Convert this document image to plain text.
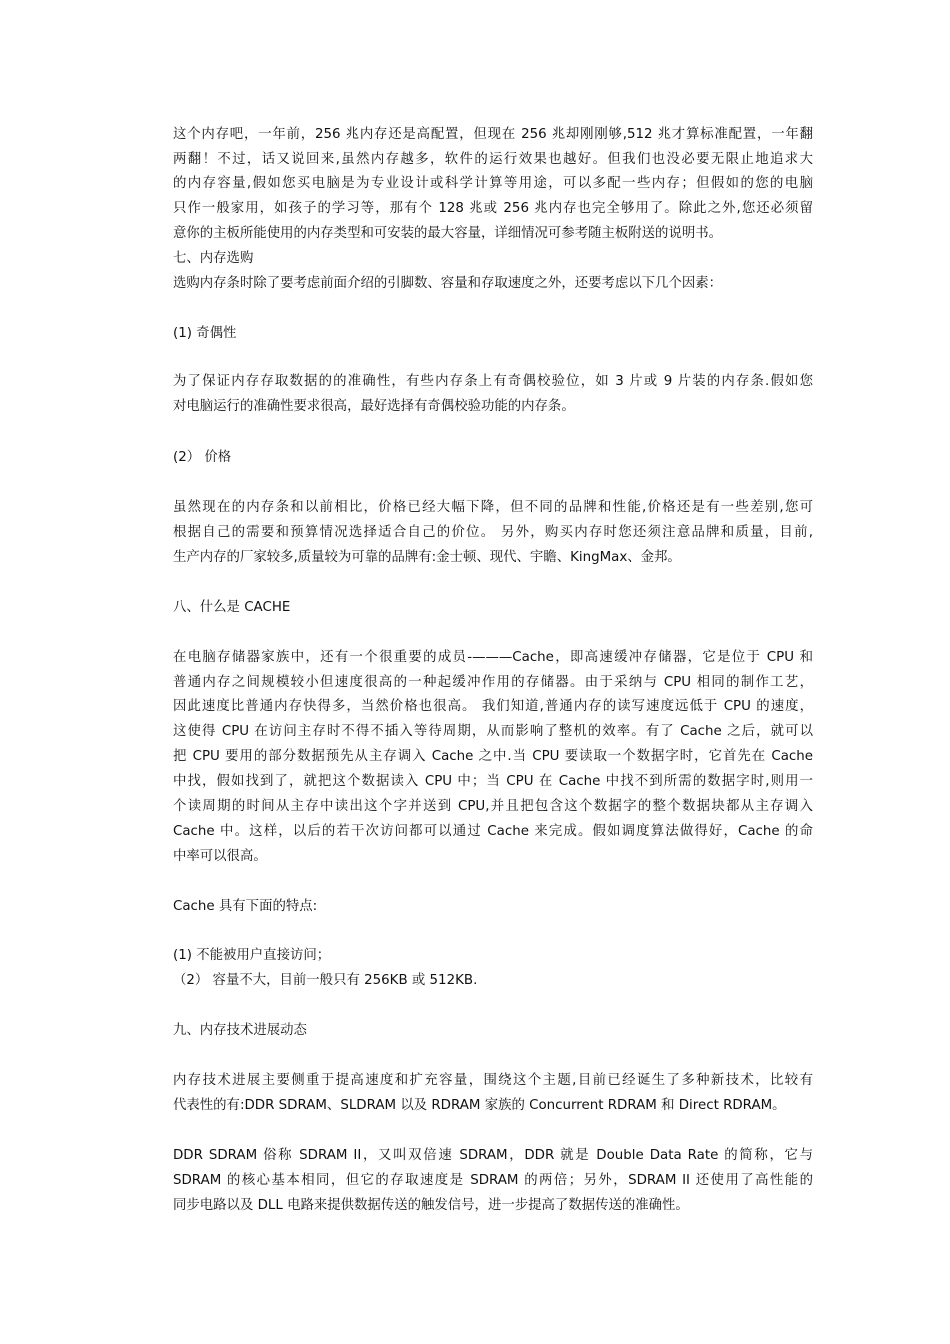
这个内存吧，一年前，256 兆内存还是高配置，但现在 256 兆却刚刚够,512 兆才算标准配置，一年翻
两翻！不过，话又说回来,虽然内存越多，软件的运行效果也越好。但我们也没必要无限止地追求大
的内存容量,假如您买电脑是为专业设计或科学计算等用途，可以多配一些内存；但假如的您的电脑
只作一般家用，如孩子的学习等，那有个 128 兆或 256 兆内存也完全够用了。除此之外,您还必须留
意你的主板所能使用的内存类型和可安装的最大容量，详细情况可参考随主板附送的说明书。
七、内存选购
选购内存条时除了要考虑前面介绍的引脚数、容量和存取速度之外，还要考虑以下几个因素：
(1) 奇偶性
为了保证内存存取数据的的准确性，有些内存条上有奇偶校验位，如 3 片或 9 片装的内存条.假如您
对电脑运行的准确性要求很高，最好选择有奇偶校验功能的内存条。
(2） 价格
虽然现在的内存条和以前相比，价格已经大幅下降，但不同的品牌和性能,价格还是有一些差别,您可
根据自己的需要和预算情况选择适合自己的价位。 另外，购买内存时您还须注意品牌和质量，目前,
生产内存的厂家较多,质量较为可靠的品牌有:金士顿、现代、宇瞻、KingMax、金邦。
八、什么是 CACHE
在电脑存储器家族中，还有一个很重要的成员-———Cache，即高速缓冲存储器，它是位于 CPU 和
普通内存之间规模较小但速度很高的一种起缓冲作用的存储器。由于采纳与 CPU 相同的制作工艺，
因此速度比普通内存快得多，当然价格也很高。 我们知道,普通内存的读写速度远低于 CPU 的速度，
这使得 CPU 在访问主存时不得不插入等待周期，从而影响了整机的效率。有了 Cache 之后，就可以
把 CPU 要用的部分数据预先从主存调入 Cache 之中.当 CPU 要读取一个数据字时，它首先在 Cache
中找，假如找到了，就把这个数据读入 CPU 中；当 CPU 在 Cache 中找不到所需的数据字时,则用一
个读周期的时间从主存中读出这个字并送到 CPU,并且把包含这个数据字的整个数据块都从主存调入
Cache 中。这样，以后的若干次访问都可以通过 Cache 来完成。假如调度算法做得好，Cache 的命
中率可以很高。
Cache 具有下面的特点:
(1) 不能被用户直接访问；
（2） 容量不大，目前一般只有 256KB 或 512KB.
九、内存技术进展动态
内存技术进展主要侧重于提高速度和扩充容量，围绕这个主题,目前已经诞生了多种新技术，比较有
代表性的有:DDR SDRAM、SLDRAM 以及 RDRAM 家族的 Concurrent RDRAM 和 Direct RDRAM。
DDR SDRAM 俗称 SDRAM II，又叫双倍速 SDRAM，DDR 就是 Double Data Rate 的简称，它与
SDRAM 的核心基本相同，但它的存取速度是 SDRAM 的两倍；另外，SDRAM II 还使用了高性能的
同步电路以及 DLL 电路来提供数据传送的触发信号，进一步提高了数据传送的准确性。
